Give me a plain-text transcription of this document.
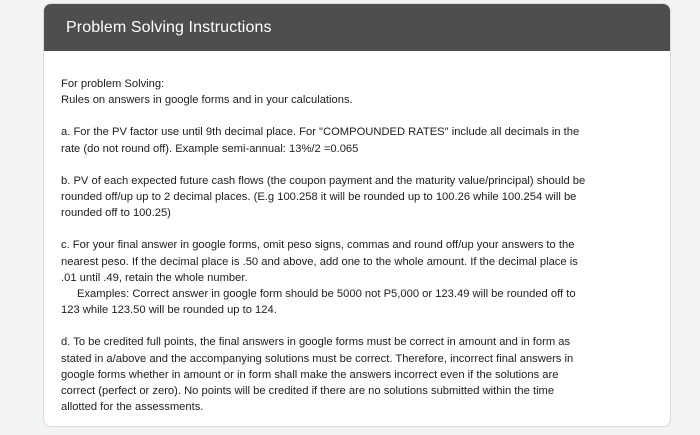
Problem Solving Instructions
For problem Solving:
Rules on answers in google forms and in your calculations.
a. For the PV factor use until 9th decimal place. For "COMPOUNDED RATES" include all decimals in the
rate (do not round off). Example semi-annual: 13%/2 =0.065
b. PV of each expected future cash flows (the coupon payment and the maturity value/principal) should be
rounded off/up up to 2 decimal places. (E.g 100.258 it will be rounded up to 100.26 while 100.254 will be
rounded off to 100.25)
c. For your final answer in google forms, omit peso signs, commas and round off/up your answers to the
nearest peso. If the decimal place is .50 and above, add one to the whole amount. If the decimal place is
.01 until .49, retain the whole number.
Examples: Correct answer in google form should be 5000 not P5,000 or 123.49 will be rounded off to
123 while 123.50 will be rounded up to 124.
d. To be credited full points, the final answers in google forms must be correct in amount and in form as
stated in a/above and the accompanying solutions must be correct. Therefore, incorrect final answers in
google forms whether in amount or in form shall make the answers incorrect even if the solutions are
correct (perfect or zero). No points will be credited if there are no solutions submitted within the time
allotted for the assessments.
